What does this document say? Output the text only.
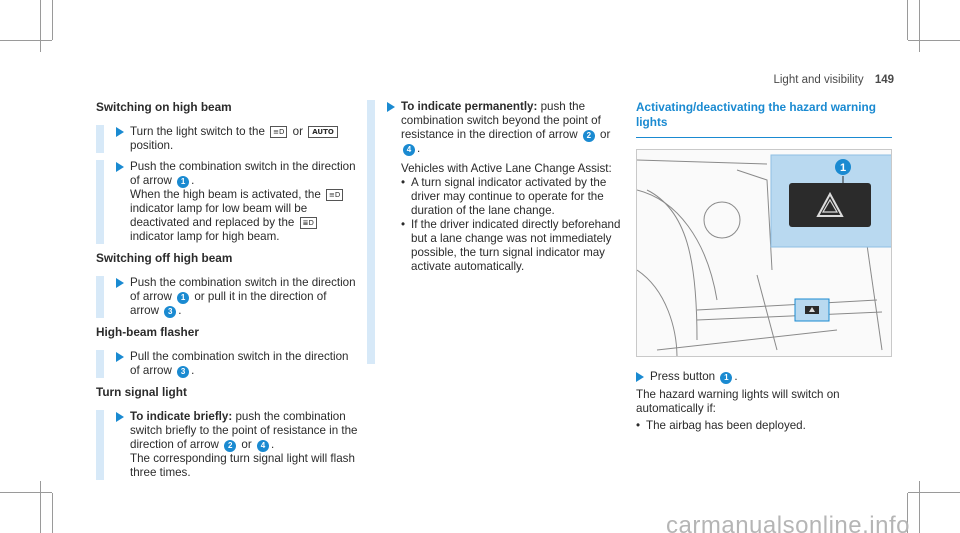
Light and visibility 149
Switching on high beam
Turn the light switch to the ≡D or AUTO
position.
Push the combination switch in the direction of arrow 1 .
When the high beam is activated, the ≡D indicator lamp for low beam will be deactivated and replaced by the ≣D indicator lamp for high beam.
Switching off high beam
Push the combination switch in the direction of arrow 1 or pull it in the direction of arrow 3 .
High-beam flasher
Pull the combination switch in the direction of arrow 3 .
Turn signal light
To indicate briefly: push the combination switch briefly to the point of resistance in the direction of arrow 2 or 4 .
The corresponding turn signal light will flash three times.
To indicate permanently: push the combination switch beyond the point of resistance in the direction of arrow 2 or 4 .

Vehicles with Active Lane Change Assist:

• A turn signal indicator activated by the driver may continue to operate for the duration of the lane change.
• If the driver indicated directly beforehand but a lane change was not immediately possible, the turn signal indicator may activate automatically.
Activating/deactivating the hazard warning lights
1
Press button 1 .

The hazard warning lights will switch on automatically if:

• The airbag has been deployed.
carmanualsonline.info
